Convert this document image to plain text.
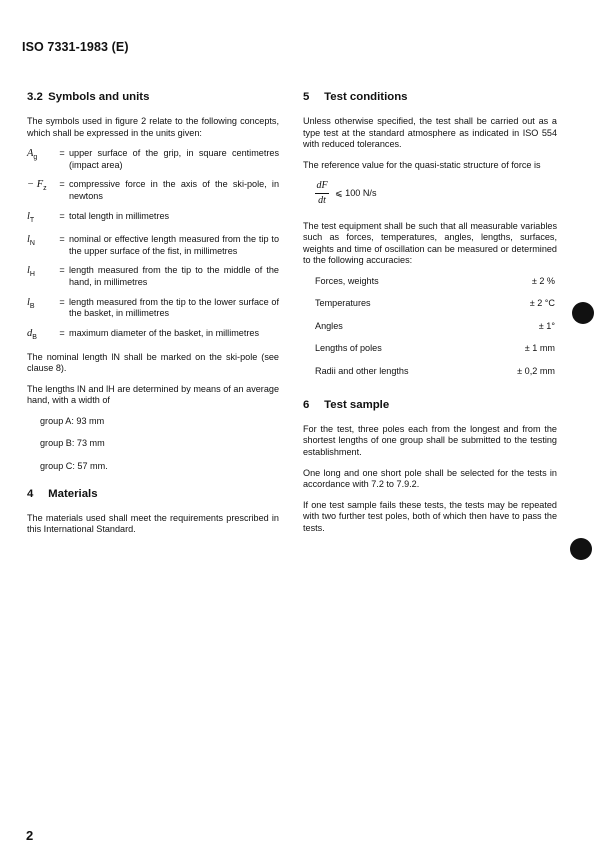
ISO 7331-1983 (E)
3.2 Symbols and units

The symbols used in figure 2 relate to the following concepts, which shall be expressed in the units given:

$A_g$	= upper surface of the grip, in square centimetres (impact area)
− $F_z$	= compressive force in the axis of the ski-pole, in newtons
$l_T$	= total length in millimetres
$l_N$	= nominal or effective length measured from the tip to the upper surface of the fist, in millimetres
$l_H$	= length measured from the tip to the middle of the hand, in millimetres
$l_B$	= length measured from the tip to the lower surface of the basket, in millimetres
$d_B$	= maximum diameter of the basket, in millimetres

The nominal length lN shall be marked on the ski-pole (see clause 8).

The lengths lN and lH are determined by means of an average hand, with a width of

group A: 93 mm
group B: 73 mm
group C: 57 mm.
4 Materials

The materials used shall meet the requirements prescribed in this International Standard.

5 Test conditions

Unless otherwise specified, the test shall be carried out as a type test at the standard atmosphere as indicated in ISO 554 with reduced tolerances.

The reference value for the quasi-static structure of force is

$\frac{dF}{dt}$ ⩽ 100 N/s

The test equipment shall be such that all measurable variables such as forces, temperatures, angles, lengths, surfaces, weights and time of oscillation can be measured or determined to the following accuracies:

Forces, weights	± 2 %
Temperatures	± 2 °C
Angles	± 1°
Lengths of poles	± 1 mm
Radii and other lengths	± 0,2 mm
6 Test sample

For the test, three poles each from the longest and from the shortest lengths of one group shall be submitted to the testing establishment.

One long and one short pole shall be selected for the tests in accordance with 7.2 to 7.9.2.

If one test sample fails these tests, the tests may be repeated with two further test poles, both of which then have to pass the tests.

2
